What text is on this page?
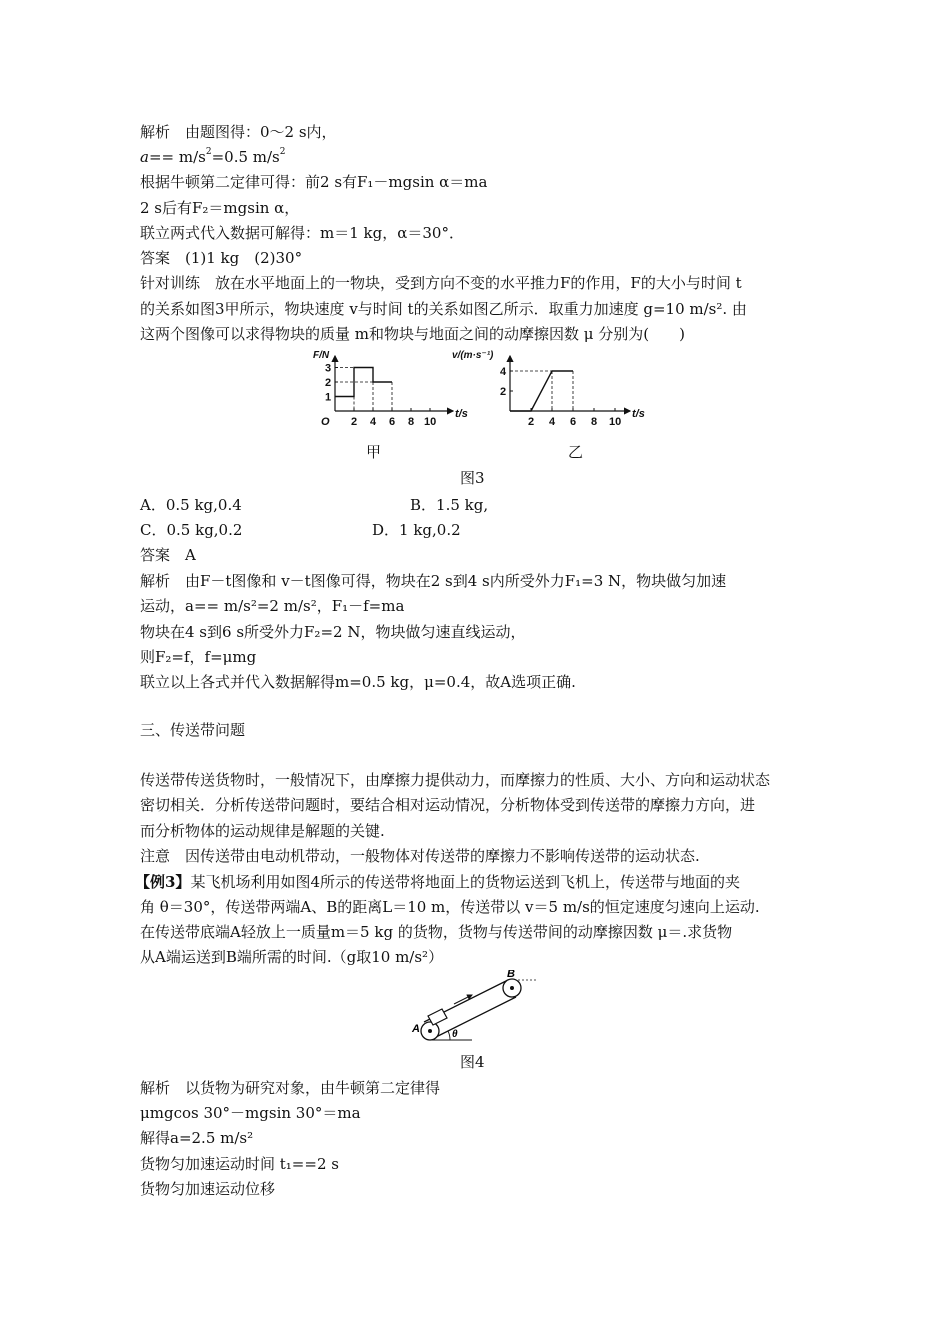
解析　由题图得：0～2 s内，
$a== m/s^2=0.5$ $m/s^2$
根据牛顿第二定律可得：前2 s有F₁－mgsin α＝ma
2 s后有F₂＝mgsin α，
联立两式代入数据可解得：m＝1 kg，α＝30°．
答案　(1)1 kg　(2)30°
针对训练　放在水平地面上的一物块，受到方向不变的水平推力F的作用，F的大小与时间 t
的关系如图3甲所示，物块速度 v与时间 t的关系如图乙所示．取重力加速度 g=10 m/s². 由
这两个图像可以求得物块的质量 m和物块与地面之间的动摩擦因数 μ 分别为(　　)
2 4 6 8 10
1
2
3
O
t/s
F/N
2 4 6 8 10
2
4
t/s
v/(m·s⁻¹)
甲	乙
图3
A．0.5 kg,0.4	B．1.5 kg,
C．0.5 kg,0.2	D．1 kg,0.2
答案　A
解析　由F－t图像和 v－t图像可得，物块在2 s到4 s内所受外力F₁=3 N，物块做匀加速
运动，a== m/s²=2 m/s²，F₁－f=ma
物块在4 s到6 s所受外力F₂=2 N，物块做匀速直线运动，
则F₂=f，f=μmg
联立以上各式并代入数据解得m=0.5 kg，μ=0.4，故A选项正确.
三、传送带问题
传送带传送货物时，一般情况下，由摩擦力提供动力，而摩擦力的性质、大小、方向和运动状态
密切相关．分析传送带问题时，要结合相对运动情况，分析物体受到传送带的摩擦力方向，进
而分析物体的运动规律是解题的关键.
注意　因传送带由电动机带动，一般物体对传送带的摩擦力不影响传送带的运动状态.
【例3】某飞机场利用如图4所示的传送带将地面上的货物运送到飞机上，传送带与地面的夹
角 θ＝30°，传送带两端A、B的距离L＝10 m，传送带以 v＝5 m/s的恒定速度匀速向上运动.
在传送带底端A轻放上一质量m＝5 kg 的货物，货物与传送带间的动摩擦因数 μ＝.求货物
从A端运送到B端所需的时间.（g取10 m/s²）
A
B
θ
图4
解析　以货物为研究对象，由牛顿第二定律得
μmgcos 30°－mgsin 30°＝ma
解得a=2.5 m/s²
货物匀加速运动时间 t₁==2 s
货物匀加速运动位移
